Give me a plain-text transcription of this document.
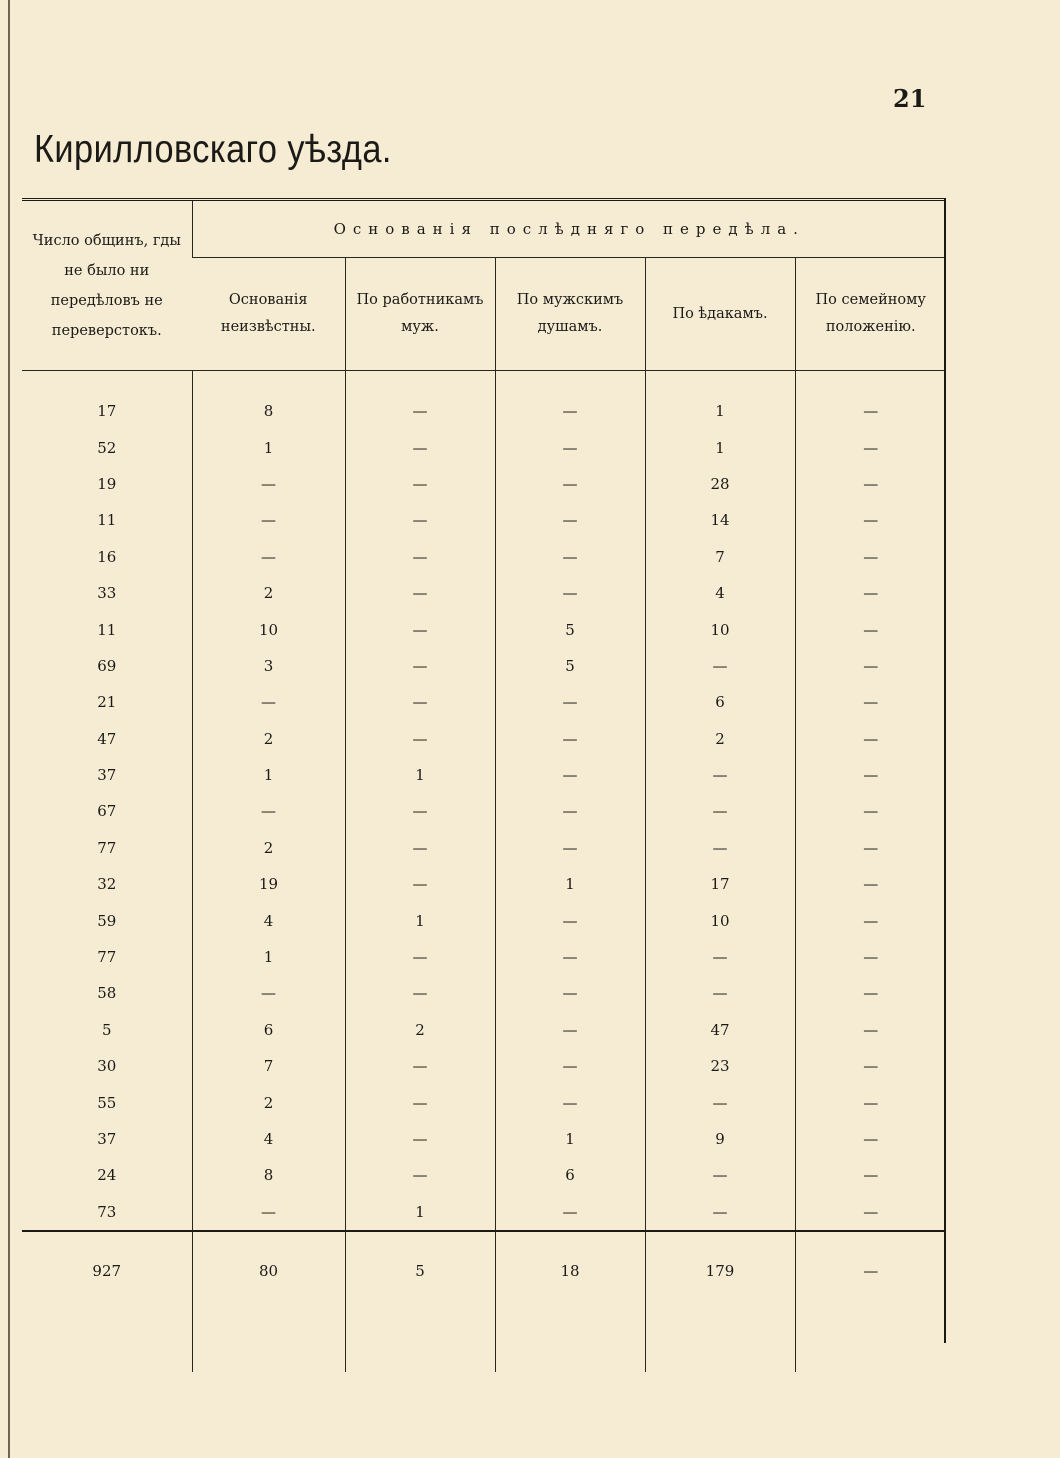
21
Кирилловскаго уѣзда.
Число общинъ, гды не было ни передѣловъ не переверстокъ.	Основанія послѣдняго передѣла.				
	Основанія неизвѣстны.	По работникамъ муж.	По мужскимъ душамъ.	По ѣдакамъ.	По семейному положенію.
17	8	—	—	1	—
52	1	—	—	1	—
19	—	—	—	28	—
11	—	—	—	14	—
16	—	—	—	7	—
33	2	—	—	4	—
11	10	—	5	10	—
69	3	—	5	—	—
21	—	—	—	6	—
47	2	—	—	2	—
37	1	1	—	—	—
67	—	—	—	—	—
77	2	—	—	—	—
32	19	—	1	17	—
59	4	1	—	10	—
77	1	—	—	—	—
58	—	—	—	—	—
5	6	2	—	47	—
30	7	—	—	23	—
55	2	—	—	—	—
37	4	—	1	9	—
24	8	—	6	—	—
73	—	1	—	—	—
927	80	5	18	179	—
